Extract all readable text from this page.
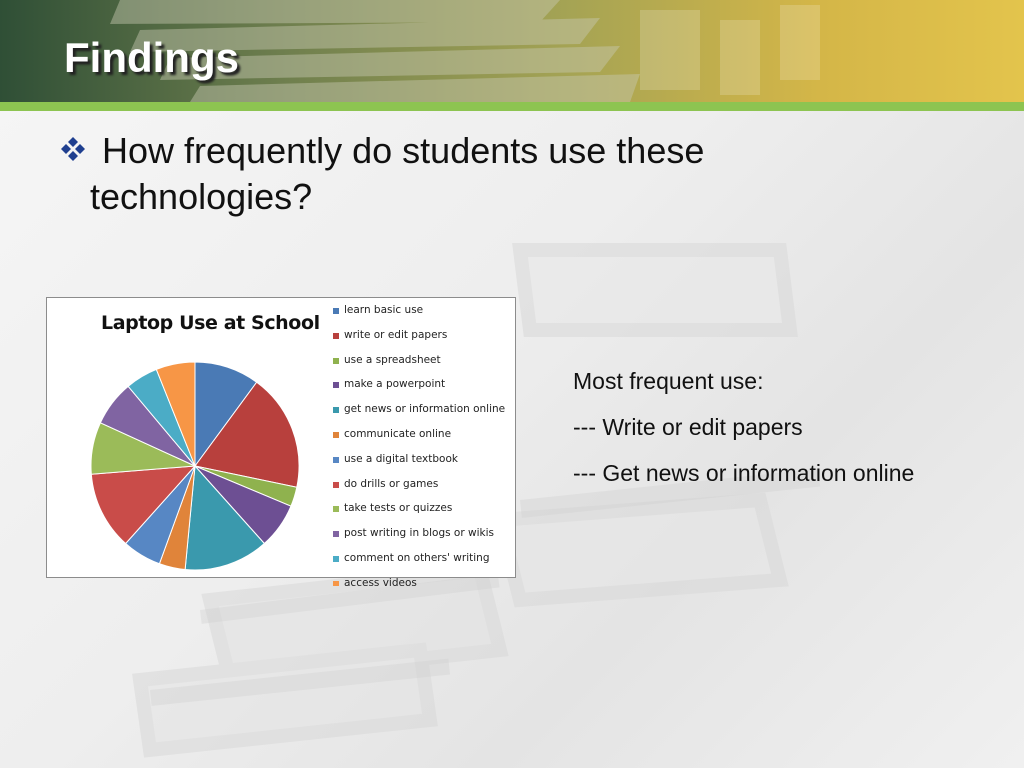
Findings
How frequently do students use these technologies?
Laptop Use at School
learn basic use
write or edit papers
use a spreadsheet
make a powerpoint
get news or information online
communicate online
use a digital textbook
do drills or games
take tests or quizzes
post writing in blogs or wikis
comment on others' writing
access videos
Most frequent use:
--- Write or edit papers
--- Get news or information online
